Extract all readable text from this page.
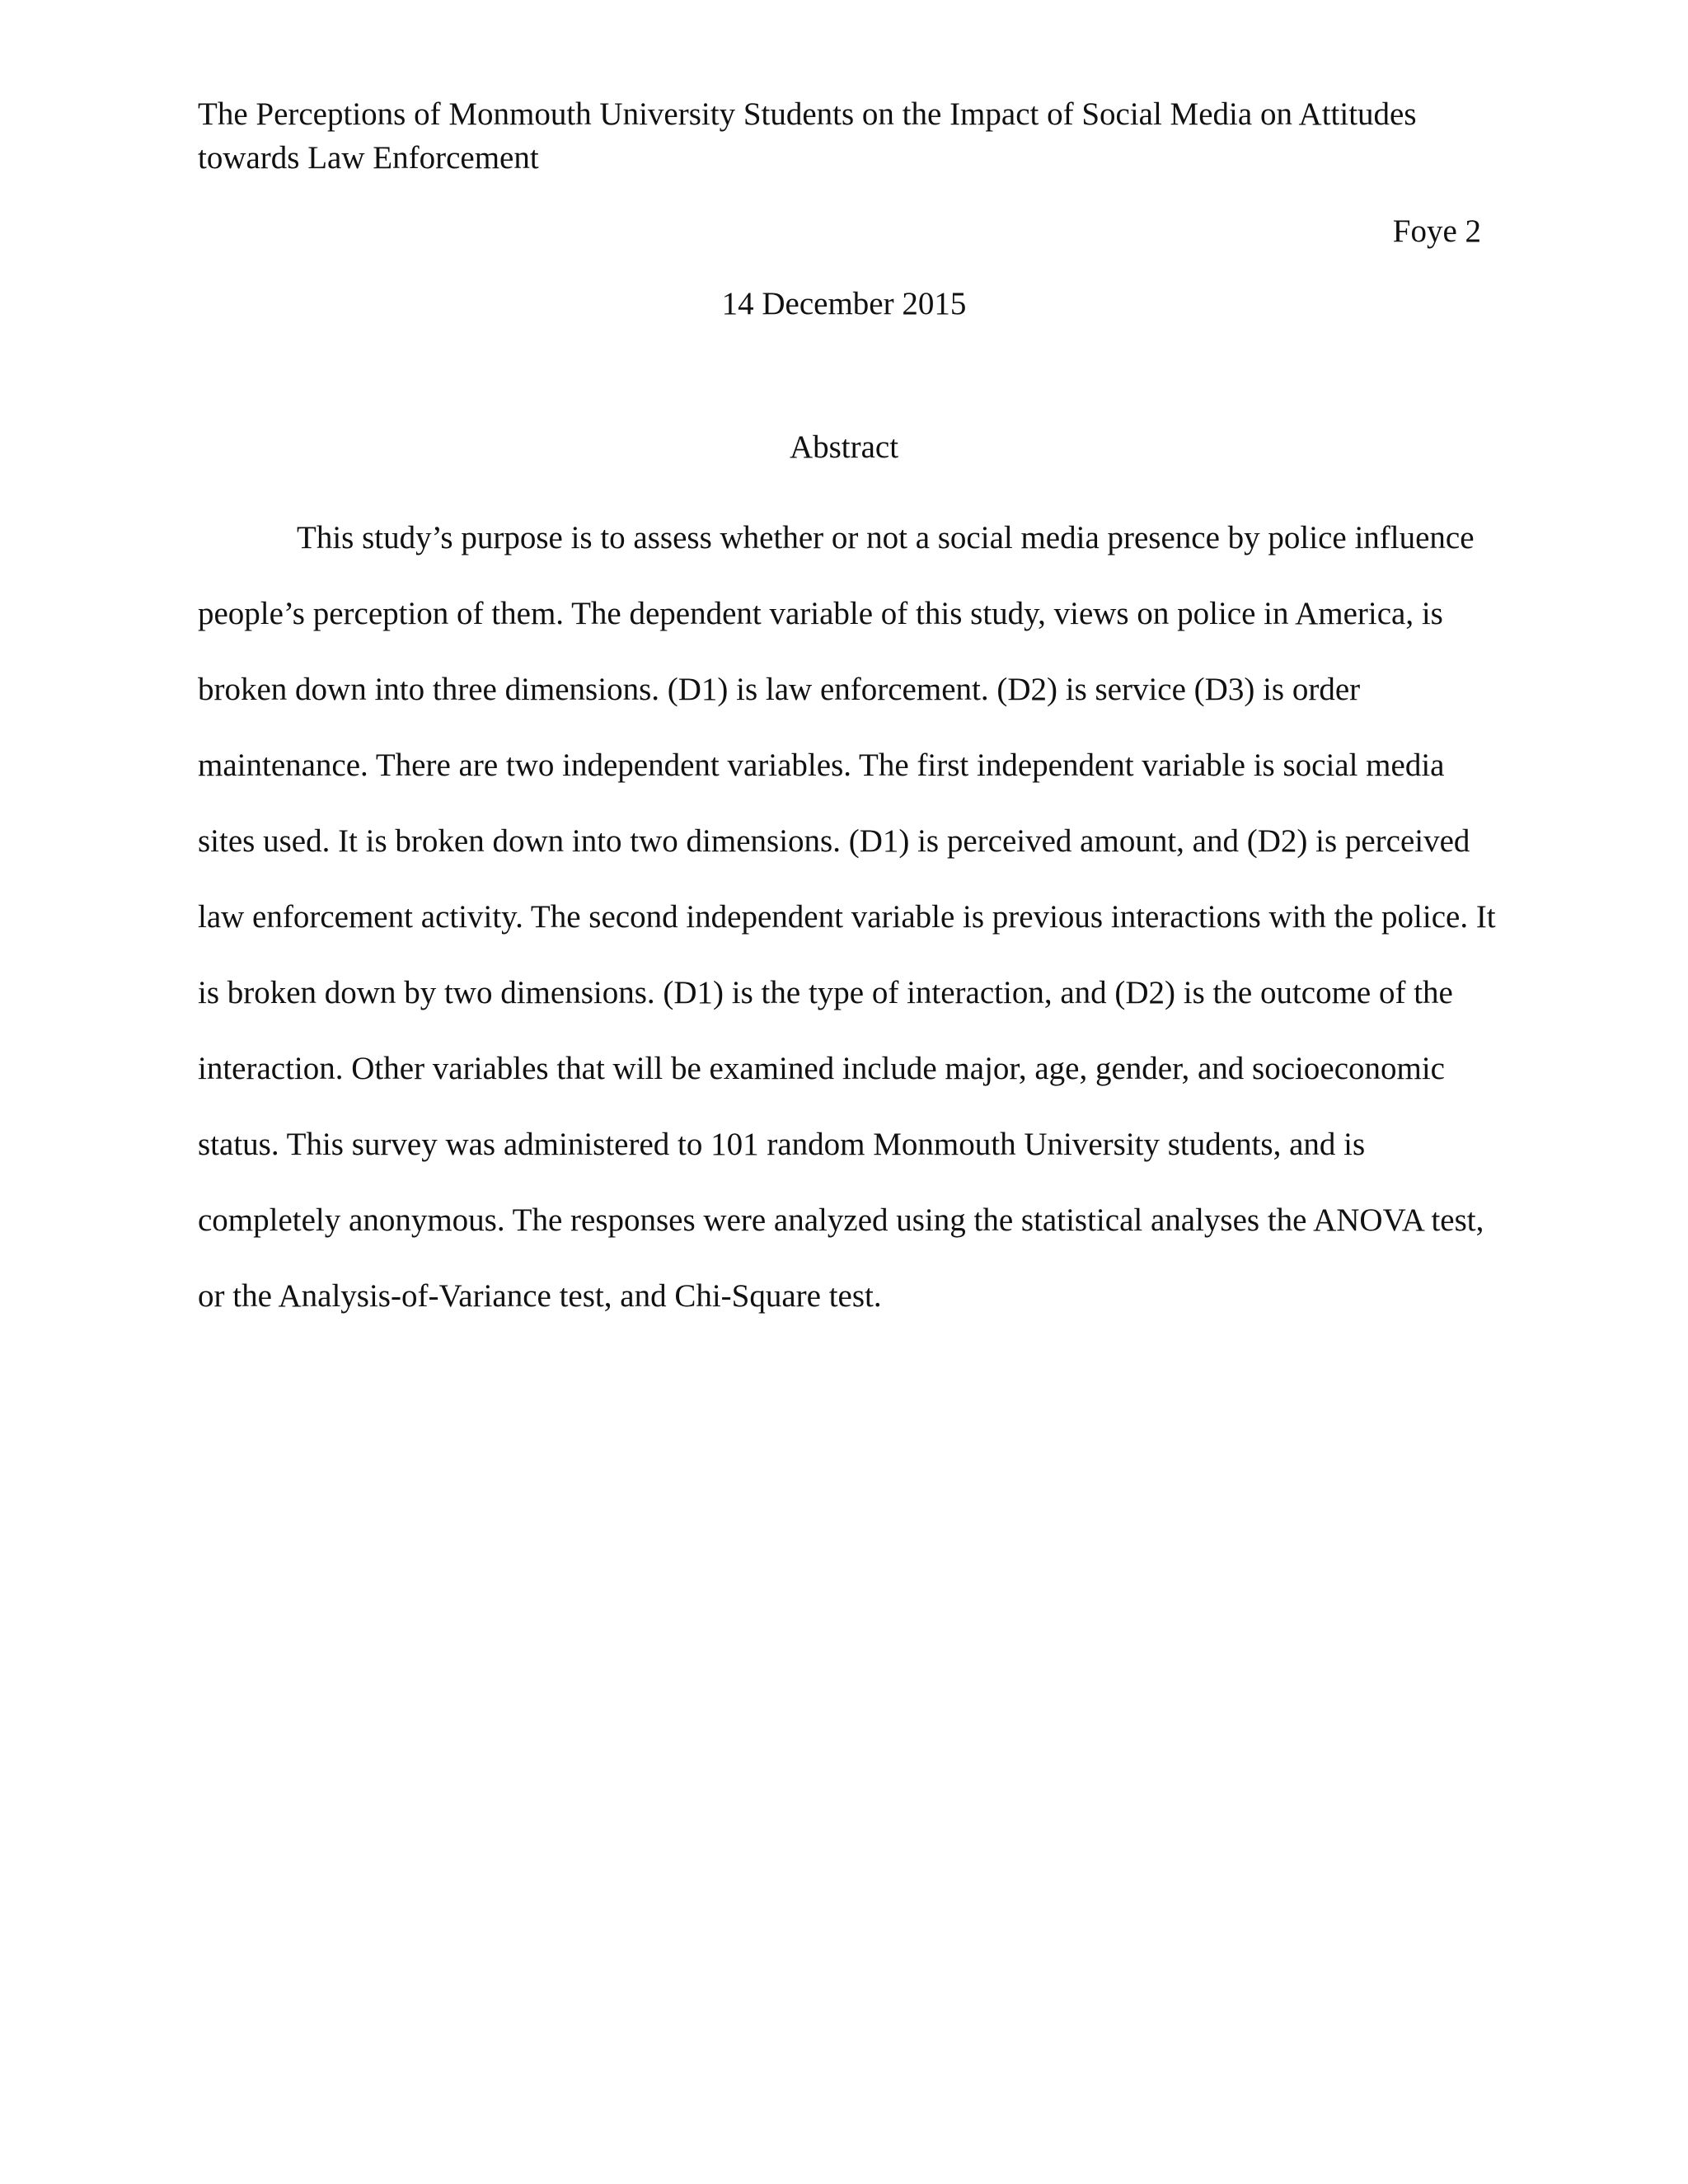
The Perceptions of Monmouth University Students on the Impact of Social Media on Attitudes towards Law Enforcement
Foye 2
14 December 2015
Abstract

This study’s purpose is to assess whether or not a social media presence by police influence people’s perception of them. The dependent variable of this study, views on police in America, is broken down into three dimensions. (D1) is law enforcement. (D2) is service (D3) is order maintenance. There are two independent variables. The first independent variable is social media sites used. It is broken down into two dimensions. (D1) is perceived amount, and (D2) is perceived law enforcement activity. The second independent variable is previous interactions with the police. It is broken down by two dimensions. (D1) is the type of interaction, and (D2) is the outcome of the interaction. Other variables that will be examined include major, age, gender, and socioeconomic status. This survey was administered to 101 random Monmouth University students, and is completely anonymous. The responses were analyzed using the statistical analyses the ANOVA test, or the Analysis-of-Variance test, and Chi-Square test.
